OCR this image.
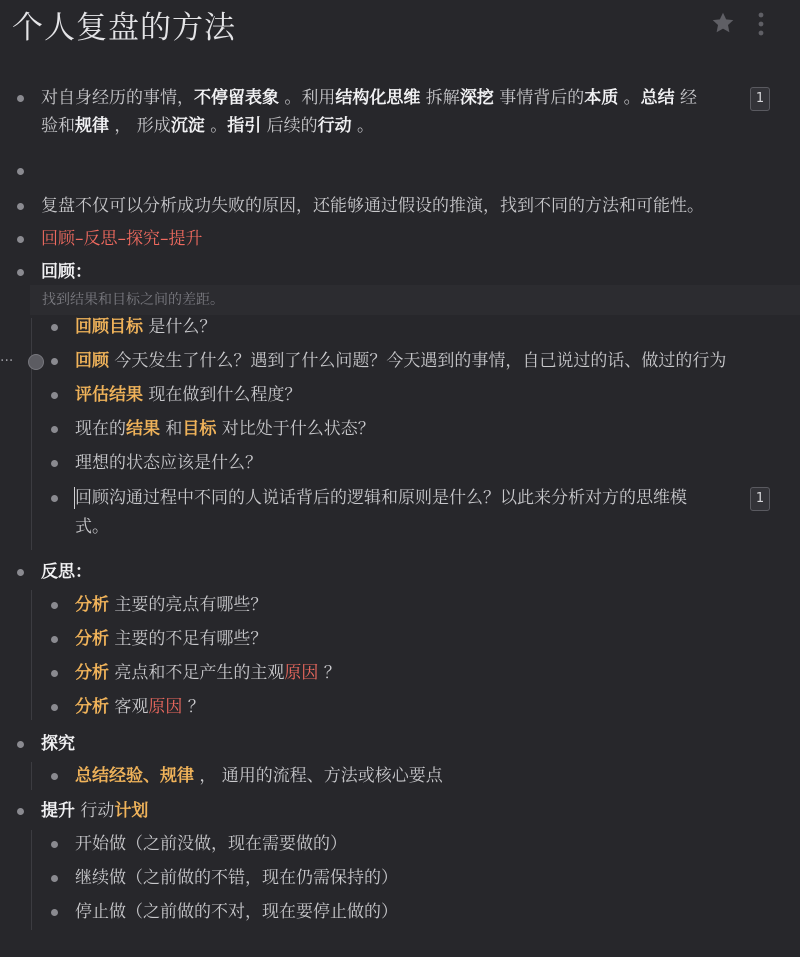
个人复盘的方法
对自身经历的事情，不停留表象 。利用结构化思维 拆解深挖 事情背后的本质 。总结 经	1
验和规律 ， 形成沉淀 。指引 后续的行动 。
复盘不仅可以分析成功失败的原因，还能够通过假设的推演，找到不同的方法和可能性。
回顾–反思–探究–提升
回顾：
找到结果和目标之间的差距。
回顾目标 是什么？
···	回顾 今天发生了什么？遇到了什么问题？今天遇到的事情，自己说过的话、做过的行为
评估结果 现在做到什么程度？
现在的结果 和目标 对比处于什么状态？
理想的状态应该是什么？
回顾沟通过程中不同的人说话背后的逻辑和原则是什么？以此来分析对方的思维模	1
式。
反思：
分析 主要的亮点有哪些？
分析 主要的不足有哪些？
分析 亮点和不足产生的主观原因 ？
分析 客观原因 ？
探究
总结经验、规律 ， 通用的流程、方法或核心要点
提升 行动计划
开始做（之前没做，现在需要做的）
继续做（之前做的不错，现在仍需保持的）
停止做（之前做的不对，现在要停止做的）
